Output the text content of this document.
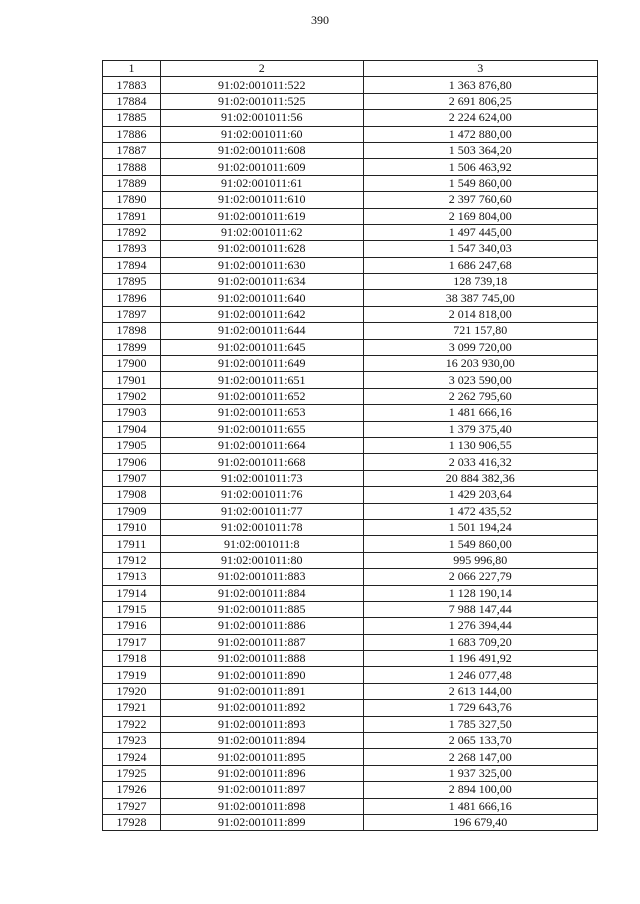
390
1	2	3
17883	91:02:001011:522	1 363 876,80
17884	91:02:001011:525	2 691 806,25
17885	91:02:001011:56	2 224 624,00
17886	91:02:001011:60	1 472 880,00
17887	91:02:001011:608	1 503 364,20
17888	91:02:001011:609	1 506 463,92
17889	91:02:001011:61	1 549 860,00
17890	91:02:001011:610	2 397 760,60
17891	91:02:001011:619	2 169 804,00
17892	91:02:001011:62	1 497 445,00
17893	91:02:001011:628	1 547 340,03
17894	91:02:001011:630	1 686 247,68
17895	91:02:001011:634	128 739,18
17896	91:02:001011:640	38 387 745,00
17897	91:02:001011:642	2 014 818,00
17898	91:02:001011:644	721 157,80
17899	91:02:001011:645	3 099 720,00
17900	91:02:001011:649	16 203 930,00
17901	91:02:001011:651	3 023 590,00
17902	91:02:001011:652	2 262 795,60
17903	91:02:001011:653	1 481 666,16
17904	91:02:001011:655	1 379 375,40
17905	91:02:001011:664	1 130 906,55
17906	91:02:001011:668	2 033 416,32
17907	91:02:001011:73	20 884 382,36
17908	91:02:001011:76	1 429 203,64
17909	91:02:001011:77	1 472 435,52
17910	91:02:001011:78	1 501 194,24
17911	91:02:001011:8	1 549 860,00
17912	91:02:001011:80	995 996,80
17913	91:02:001011:883	2 066 227,79
17914	91:02:001011:884	1 128 190,14
17915	91:02:001011:885	7 988 147,44
17916	91:02:001011:886	1 276 394,44
17917	91:02:001011:887	1 683 709,20
17918	91:02:001011:888	1 196 491,92
17919	91:02:001011:890	1 246 077,48
17920	91:02:001011:891	2 613 144,00
17921	91:02:001011:892	1 729 643,76
17922	91:02:001011:893	1 785 327,50
17923	91:02:001011:894	2 065 133,70
17924	91:02:001011:895	2 268 147,00
17925	91:02:001011:896	1 937 325,00
17926	91:02:001011:897	2 894 100,00
17927	91:02:001011:898	1 481 666,16
17928	91:02:001011:899	196 679,40
